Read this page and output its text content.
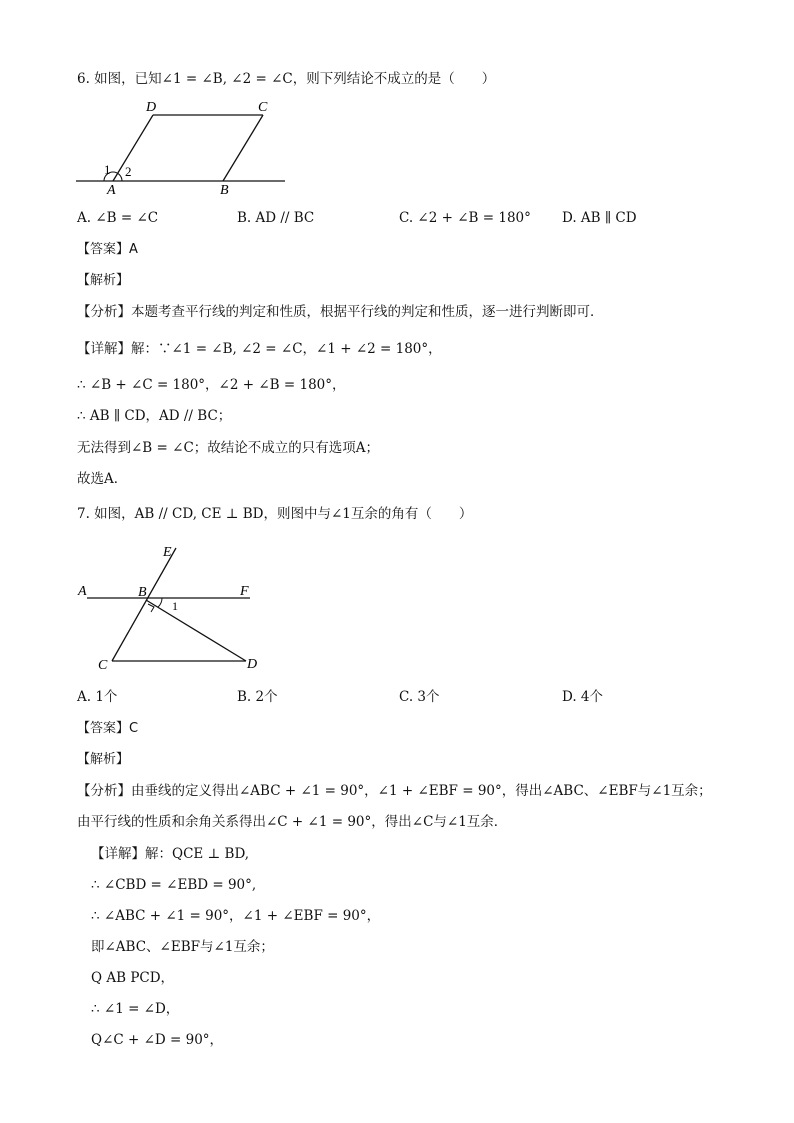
6. 如图，已知∠1 = ∠B, ∠2 = ∠C，则下列结论不成立的是（　　）
1 2
A	B
C
D
A. ∠B = ∠C	B. AD // BC	C. ∠2 + ∠B = 180° D. AB ∥ CD
【答案】A
【解析】
【分析】本题考查平行线的判定和性质，根据平行线的判定和性质，逐一进行判断即可．
【详解】解：∵∠1 = ∠B, ∠2 = ∠C，∠1 + ∠2 = 180°，
∴ ∠B + ∠C = 180°，∠2 + ∠B = 180°，
∴ AB ∥ CD，AD // BC；
无法得到∠B = ∠C；故结论不成立的只有选项A；
故选A．
7. 如图，AB // CD, CE ⊥ BD，则图中与∠1互余的角有（　　）
A	B
C	D
E
F
1
A. 1个	B. 2个	C. 3个	D. 4个
【答案】C
【解析】
【分析】由垂线的定义得出∠ABC + ∠1 = 90°，∠1 + ∠EBF = 90°，得出∠ABC、∠EBF与∠1互余；
由平行线的性质和余角关系得出∠C + ∠1 = 90°，得出∠C与∠1互余．
【详解】解：QCE ⊥ BD,
∴ ∠CBD = ∠EBD = 90°,
∴ ∠ABC + ∠1 = 90°，∠1 + ∠EBF = 90°，
即∠ABC、∠EBF与∠1互余；
Q AB PCD，
∴ ∠1 = ∠D，
Q∠C + ∠D = 90°，
